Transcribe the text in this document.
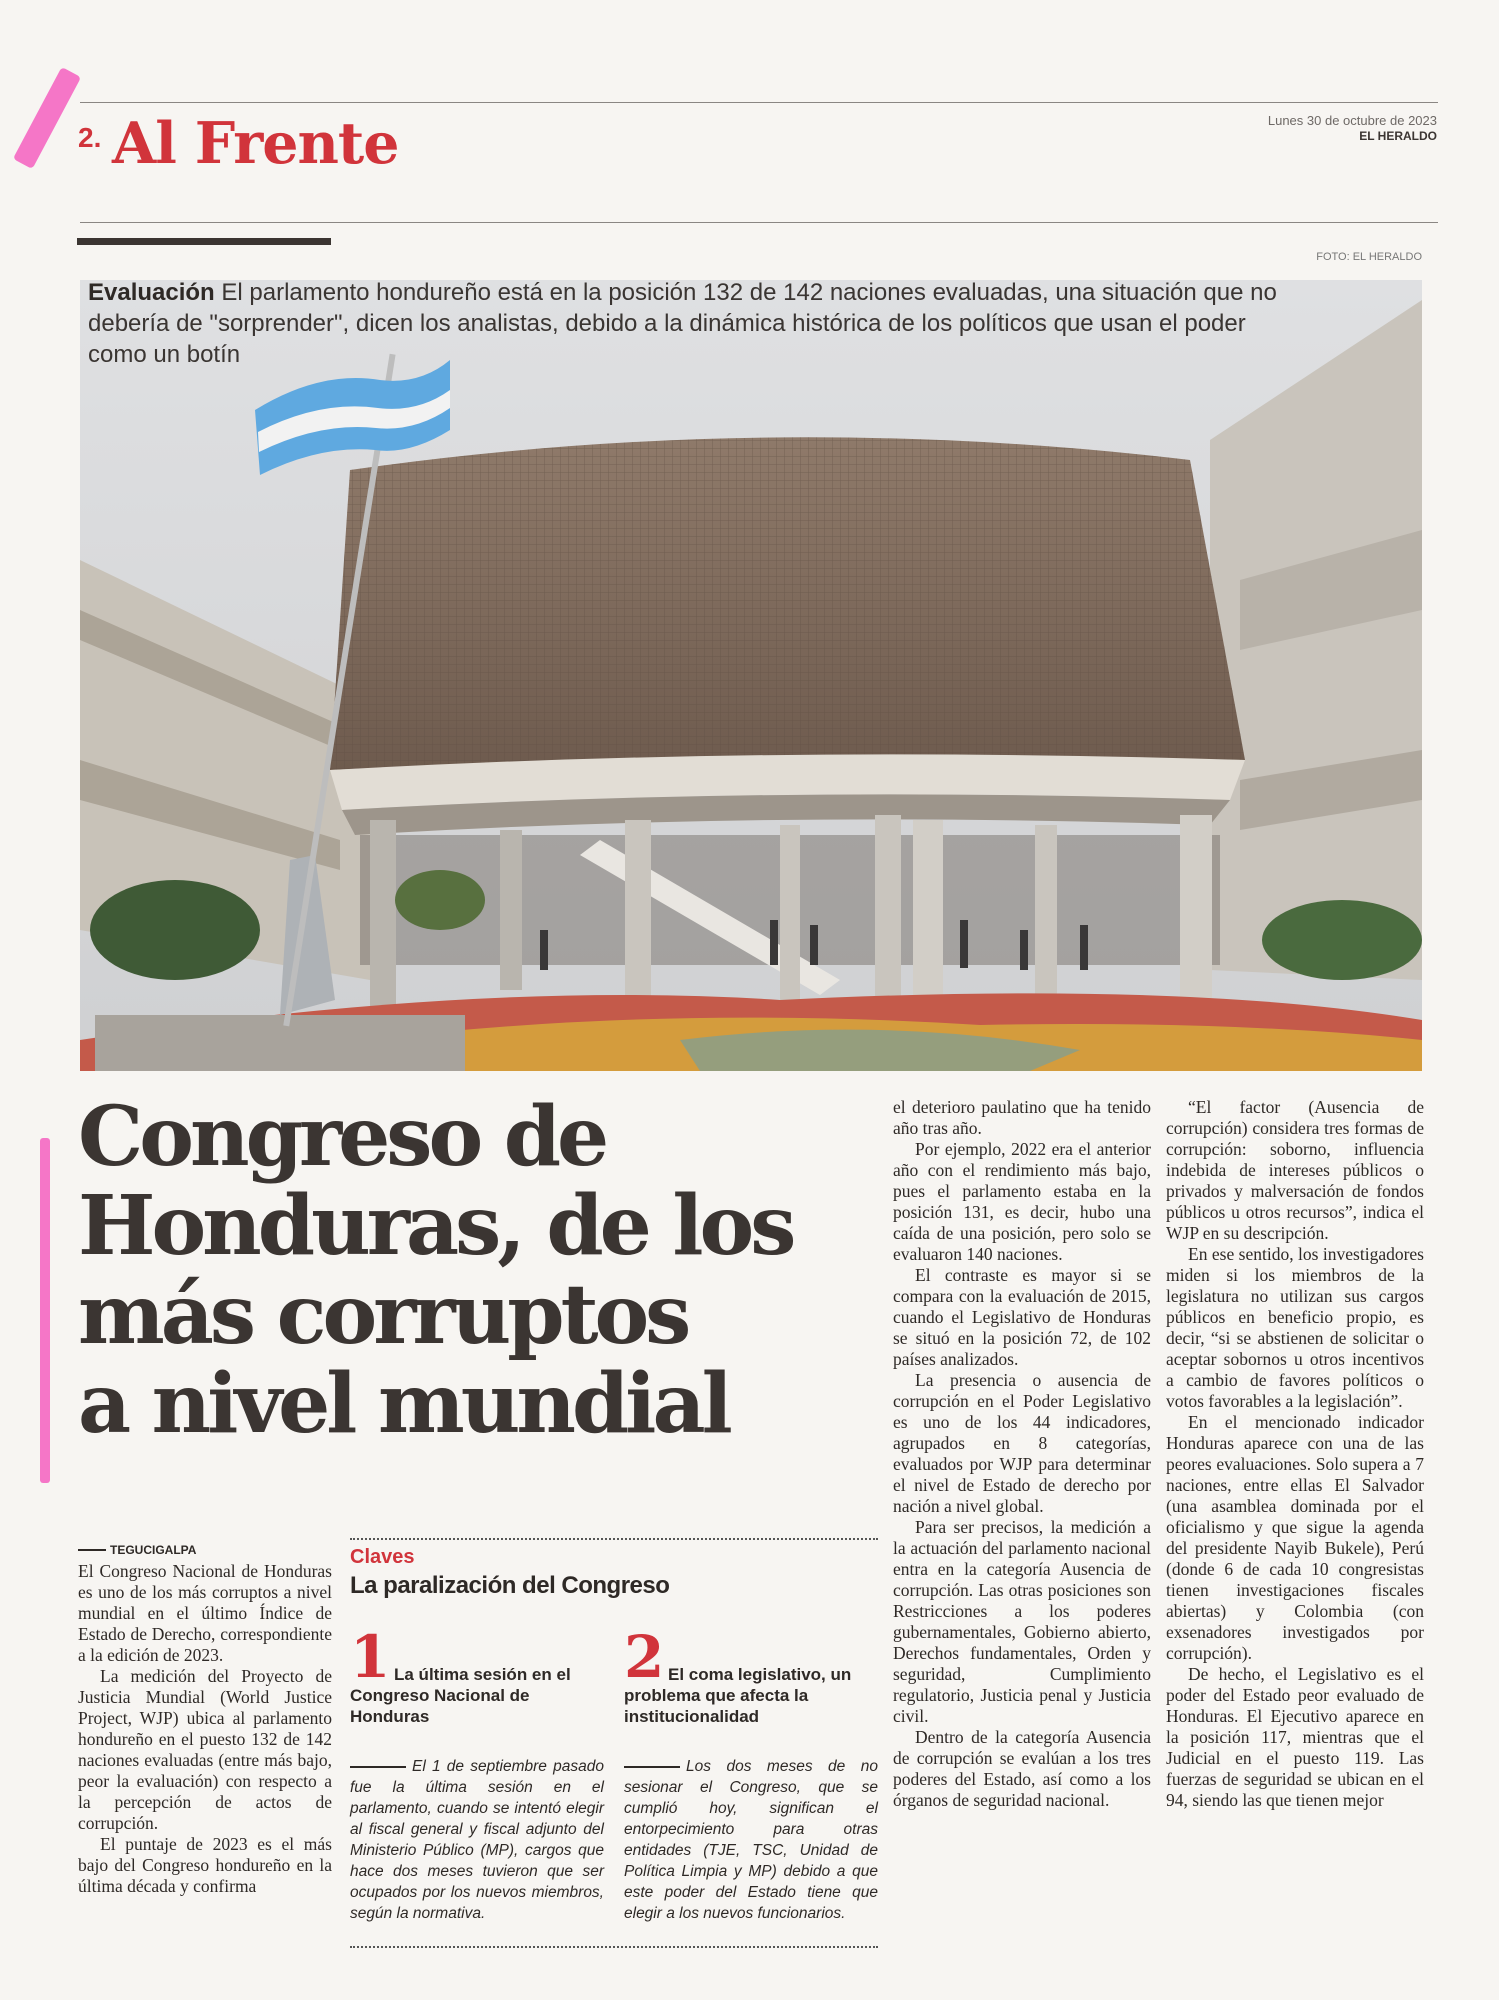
2. Al Frente	Lunes 30 de octubre de 2023
EL HERALDO
FOTO: EL HERALDO
Evaluación El parlamento hondureño está en la posición 132 de 142 naciones evaluadas, una situación que no debería de "sorprender", dicen los analistas, debido a la dinámica histórica de los políticos que usan el poder como un botín
Congreso de
Honduras, de los
más corruptos
a nivel mundial
TEGUCIGALPA

El Congreso Nacional de Honduras es uno de los más corruptos a nivel mundial en el último Índice de Estado de Derecho, correspondiente a la edición de 2023.

La medición del Proyecto de Justicia Mundial (World Justice Project, WJP) ubica al parlamento hondureño en el puesto 132 de 142 naciones evaluadas (entre más bajo, peor la evaluación) con respecto a la percepción de actos de corrupción.

El puntaje de 2023 es el más bajo del Congreso hondureño en la última década y confirma

Claves
La paralización del Congreso
1 La última sesión en el Congreso Nacional de Honduras
El 1 de septiembre pasado fue la última sesión en el parlamento, cuando se intentó elegir al fiscal general y fiscal adjunto del Ministerio Público (MP), cargos que hace dos meses tuvieron que ser ocupados por los nuevos miembros, según la normativa.
2 El coma legislativo, un problema que afecta la institucionalidad
Los dos meses de no sesionar el Congreso, que se cumplió hoy, significan el entorpecimiento para otras entidades (TJE, TSC, Unidad de Política Limpia y MP) debido a que este poder del Estado tiene que elegir a los nuevos funcionarios.

el deterioro paulatino que ha tenido año tras año.

Por ejemplo, 2022 era el anterior año con el rendimiento más bajo, pues el parlamento estaba en la posición 131, es decir, hubo una caída de una posición, pero solo se evaluaron 140 naciones.

El contraste es mayor si se compara con la evaluación de 2015, cuando el Legislativo de Honduras se situó en la posición 72, de 102 países analizados.

La presencia o ausencia de corrupción en el Poder Legislativo es uno de los 44 indicadores, agrupados en 8 categorías, evaluados por WJP para determinar el nivel de Estado de derecho por nación a nivel global.

Para ser precisos, la medición a la actuación del parlamento nacional entra en la categoría Ausencia de corrupción. Las otras posiciones son Restricciones a los poderes gubernamentales, Gobierno abierto, Derechos fundamentales, Orden y seguridad, Cumplimiento regulatorio, Justicia penal y Justicia civil.

Dentro de la categoría Ausencia de corrupción se evalúan a los tres poderes del Estado, así como a los órganos de seguridad nacional.

“El factor (Ausencia de corrupción) considera tres formas de corrupción: soborno, influencia indebida de intereses públicos o privados y malversación de fondos públicos u otros recursos”, indica el WJP en su descripción.

En ese sentido, los investigadores miden si los miembros de la legislatura no utilizan sus cargos públicos en beneficio propio, es decir, “si se abstienen de solicitar o aceptar sobornos u otros incentivos a cambio de favores políticos o votos favorables a la legislación”.

En el mencionado indicador Honduras aparece con una de las peores evaluaciones. Solo supera a 7 naciones, entre ellas El Salvador (una asamblea dominada por el oficialismo y que sigue la agenda del presidente Nayib Bukele), Perú (donde 6 de cada 10 congresistas tienen investigaciones fiscales abiertas) y Colombia (con exsenadores investigados por corrupción).

De hecho, el Legislativo es el poder del Estado peor evaluado de Honduras. El Ejecutivo aparece en la posición 117, mientras que el Judicial en el puesto 119. Las fuerzas de seguridad se ubican en el 94, siendo las que tienen mejor
